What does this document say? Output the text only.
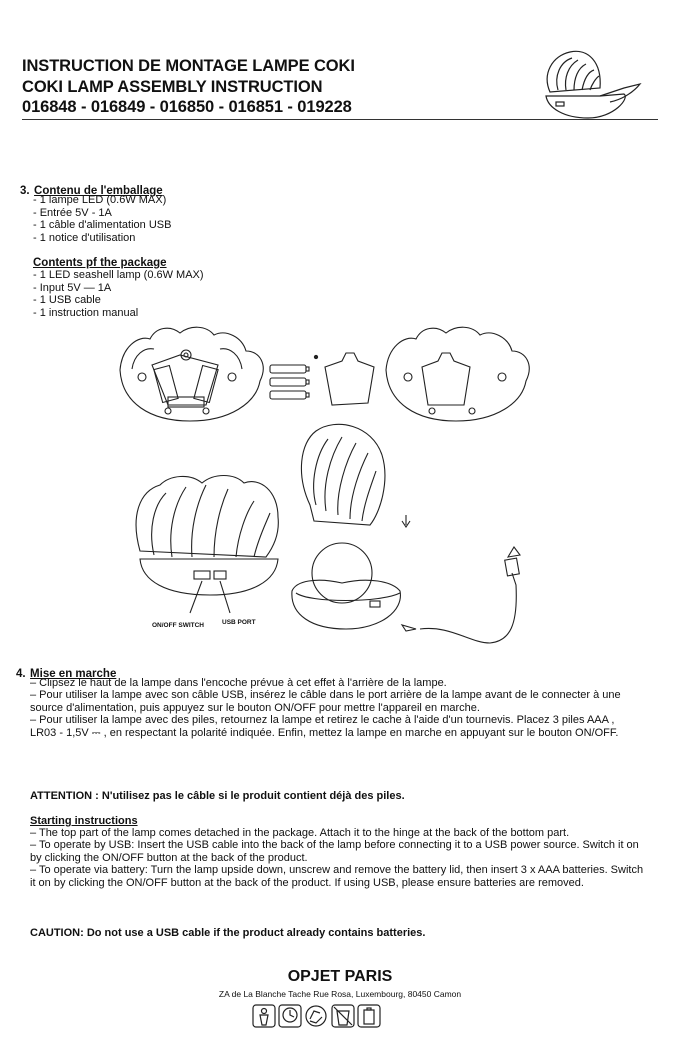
INSTRUCTION DE MONTAGE LAMPE COKI
COKI LAMP ASSEMBLY INSTRUCTION
016848 - 016849 - 016850 - 016851 - 019228
3. Contenu de l'emballage
- 1 lampe LED (0.6W MAX)
- Entrée 5V - 1A
- 1 câble d'alimentation USB
- 1 notice d'utilisation
Contents pf the package
- 1 LED seashell lamp (0.6W MAX)
- Input 5V — 1A
- 1 USB cable
- 1 instruction manual
ON/OFF SWITCH	USB PORT
4. Mise en marche

– Clipsez le haut de la lampe dans l'encoche prévue à cet effet à l'arrière de la lampe.

– Pour utiliser la lampe avec son câble USB, insérez le câble dans le port arrière de la lampe avant de le connecter à une source d'alimentation, puis appuyez sur le bouton ON/OFF pour mettre l'appareil en marche.

– Pour utiliser la lampe avec des piles, retournez la lampe et retirez le cache à l'aide d'un tournevis. Placez 3 piles AAA ,

LR03 - 1,5V ⎓ , en respectant la polarité indiquée. Enfin, mettez la lampe en marche en appuyant sur le bouton ON/OFF.

ATTENTION : N'utilisez pas le câble si le produit contient déjà des piles.
Starting instructions

– The top part of the lamp comes detached in the package. Attach it to the hinge at the back of the bottom part.

– To operate by USB: Insert the USB cable into the back of the lamp before connecting it to a USB power source. Switch it on by clicking the ON/OFF button at the back of the product.

– To operate via battery: Turn the lamp upside down, unscrew and remove the battery lid, then insert 3 x AAA batteries. Switch it on by clicking the ON/OFF button at the back of the product. If using USB, please ensure batteries are removed.

CAUTION: Do not use a USB cable if the product already contains batteries.
OPJET PARIS
ZA de La Blanche Tache Rue Rosa, Luxembourg, 80450 Camon
